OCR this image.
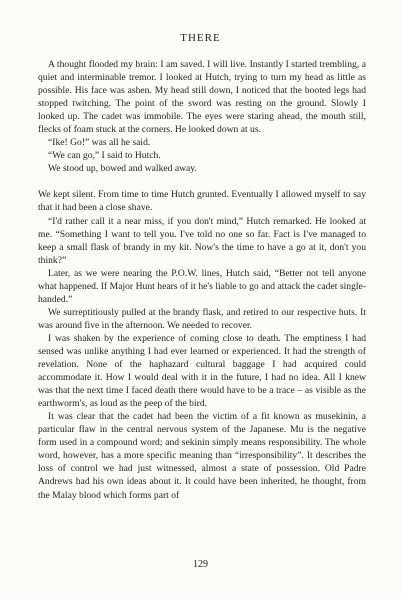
THERE

A thought flooded my brain: I am saved. I will live. Instantly I started trembling, a quiet and interminable tremor. I looked at Hutch, trying to turn my head as little as possible. His face was ashen. My head still down, I noticed that the booted legs had stopped twitching. The point of the sword was resting on the ground. Slowly I looked up. The cadet was immobile. The eyes were staring ahead, the mouth still, flecks of foam stuck at the corners. He looked down at us.

“Ike! Go!” was all he said.

“We can go,” I said to Hutch.

We stood up, bowed and walked away.

We kept silent. From time to time Hutch grunted. Eventually I allowed myself to say that it had been a close shave.

“I'd rather call it a near miss, if you don't mind,” Hutch remarked. He looked at me. “Something I want to tell you. I've told no one so far. Fact is I've managed to keep a small flask of brandy in my kit. Now's the time to have a go at it, don't you think?”

Later, as we were nearing the P.O.W. lines, Hutch said, “Better not tell anyone what happened. If Major Hunt hears of it he's liable to go and attack the cadet single-handed.”

We surreptitiously pulled at the brandy flask, and retired to our respective huts. It was around five in the afternoon. We needed to recover.

I was shaken by the experience of coming close to death. The emptiness I had sensed was unlike anything I had ever learned or experienced. It had the strength of revelation. None of the haphazard cultural baggage I had acquired could accommodate it. How I would deal with it in the future, I had no idea. All I knew was that the next time I faced death there would have to be a trace – as visible as the earthworm's, as loud as the peep of the bird.

It was clear that the cadet had been the victim of a fit known as musekinin, a particular flaw in the central nervous system of the Japanese. Mu is the negative form used in a compound word; and sekinin simply means responsibility. The whole word, however, has a more specific meaning than “irresponsibility”. It describes the loss of control we had just witnessed, almost a state of possession. Old Padre Andrews had his own ideas about it. It could have been inherited, he thought, from the Malay blood which forms part of

129
